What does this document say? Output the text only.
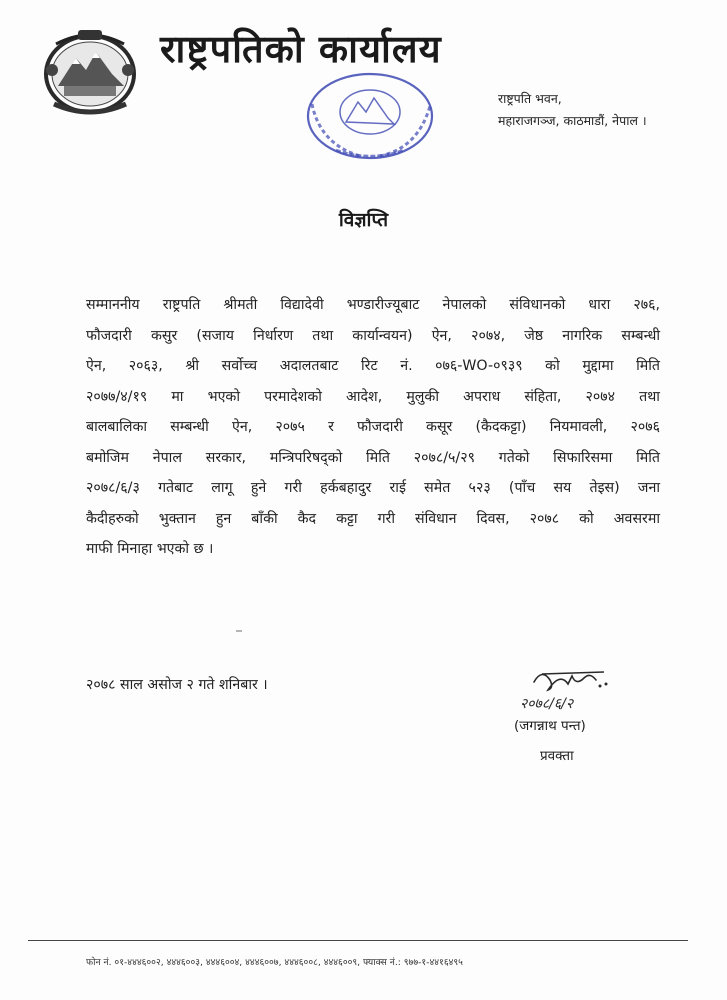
राष्ट्रपतिको कार्यालय
राष्ट्रपति भवन,
महाराजगञ्ज, काठमाडौं, नेपाल ।
विज्ञप्ति
सम्माननीय राष्ट्रपति श्रीमती विद्यादेवी भण्डारीज्यूबाट नेपालको संविधानको धारा २७६,
फौजदारी कसुर (सजाय निर्धारण तथा कार्यान्वयन) ऐन, २०७४, जेष्ठ नागरिक सम्बन्धी
ऐन, २०६३, श्री सर्वोच्च अदालतबाट रिट नं. ०७६-WO-०९३९ को मुद्दामा मिति
२०७७/४/१९ मा भएको परमादेशको आदेश, मुलुकी अपराध संहिता, २०७४ तथा
बालबालिका सम्बन्धी ऐन, २०७५ र फौजदारी कसूर (कैदकट्टा) नियमावली, २०७६
बमोजिम नेपाल सरकार, मन्त्रिपरिषद्को मिति २०७८/५/२९ गतेको सिफारिसमा मिति
२०७८/६/३ गतेबाट लागू हुने गरी हर्कबहादुर राई समेत ५२३ (पाँच सय तेइस) जना
कैदीहरुको भुक्तान हुन बाँकी कैद कट्टा गरी संविधान दिवस, २०७८ को अवसरमा
माफी मिनाहा भएको छ ।
२०७८ साल असोज २ गते शनिबार ।
२०७८/६/२
(जगन्नाथ पन्त)
प्रवक्ता
फोन नं. ०१-४४४६००२, ४४४६००३, ४४४६००४, ४४४६००७, ४४४६००८, ४४४६००९, फ्याक्स नं.: ९७७-१-४४१६४९५
